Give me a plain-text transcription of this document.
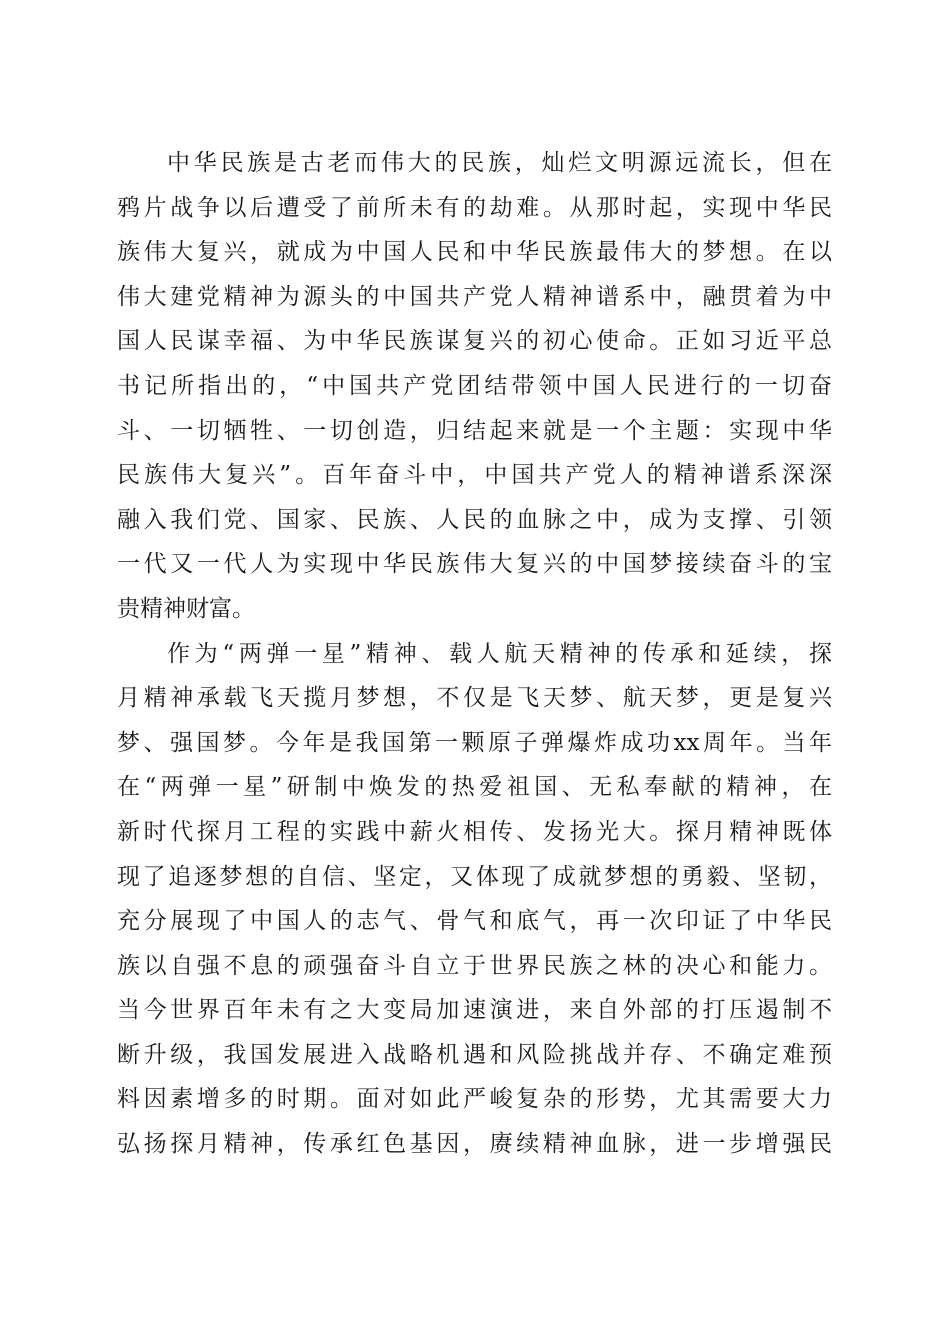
中华民族是古老而伟大的民族，灿烂文明源远流长，但在
鸦片战争以后遭受了前所未有的劫难。从那时起，实现中华民
族伟大复兴，就成为中国人民和中华民族最伟大的梦想。在以
伟大建党精神为源头的中国共产党人精神谱系中，融贯着为中
国人民谋幸福、为中华民族谋复兴的初心使命。正如习近平总
书记所指出的，“中国共产党团结带领中国人民进行的一切奋
斗、一切牺牲、一切创造，归结起来就是一个主题：实现中华
民族伟大复兴”。百年奋斗中，中国共产党人的精神谱系深深
融入我们党、国家、民族、人民的血脉之中，成为支撑、引领
一代又一代人为实现中华民族伟大复兴的中国梦接续奋斗的宝
贵精神财富。
作为“两弹一星”精神、载人航天精神的传承和延续，探
月精神承载飞天揽月梦想，不仅是飞天梦、航天梦，更是复兴
梦、强国梦。今年是我国第一颗原子弹爆炸成功xx周年。当年
在“两弹一星”研制中焕发的热爱祖国、无私奉献的精神，在
新时代探月工程的实践中薪火相传、发扬光大。探月精神既体
现了追逐梦想的自信、坚定，又体现了成就梦想的勇毅、坚韧，
充分展现了中国人的志气、骨气和底气，再一次印证了中华民
族以自强不息的顽强奋斗自立于世界民族之林的决心和能力。
当今世界百年未有之大变局加速演进，来自外部的打压遏制不
断升级，我国发展进入战略机遇和风险挑战并存、不确定难预
料因素增多的时期。面对如此严峻复杂的形势，尤其需要大力
弘扬探月精神，传承红色基因，赓续精神血脉，进一步增强民
